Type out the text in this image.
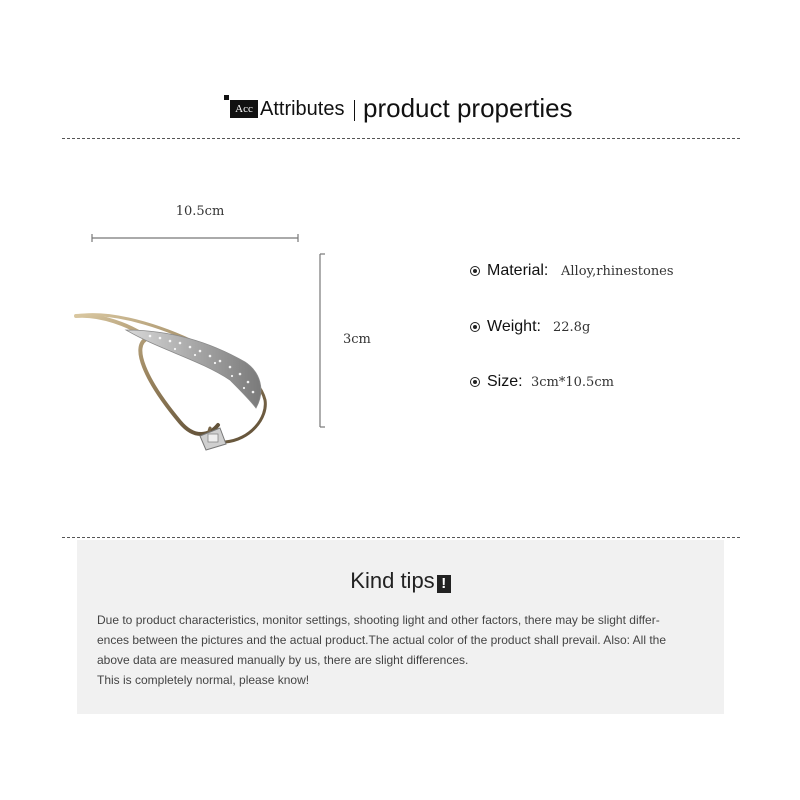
Acc Attributes product properties
10.5cm
3cm
Material: Alloy,rhinestones
Weight: 22.8g
Size: 3cm*10.5cm
Kind tips !

Due to product characteristics, monitor settings, shooting light and other factors, there may be slight differ-

ences between the pictures and the actual product.The actual color of the product shall prevail. Also: All the

above data are measured manually by us, there are slight differences.

This is completely normal, please know!
